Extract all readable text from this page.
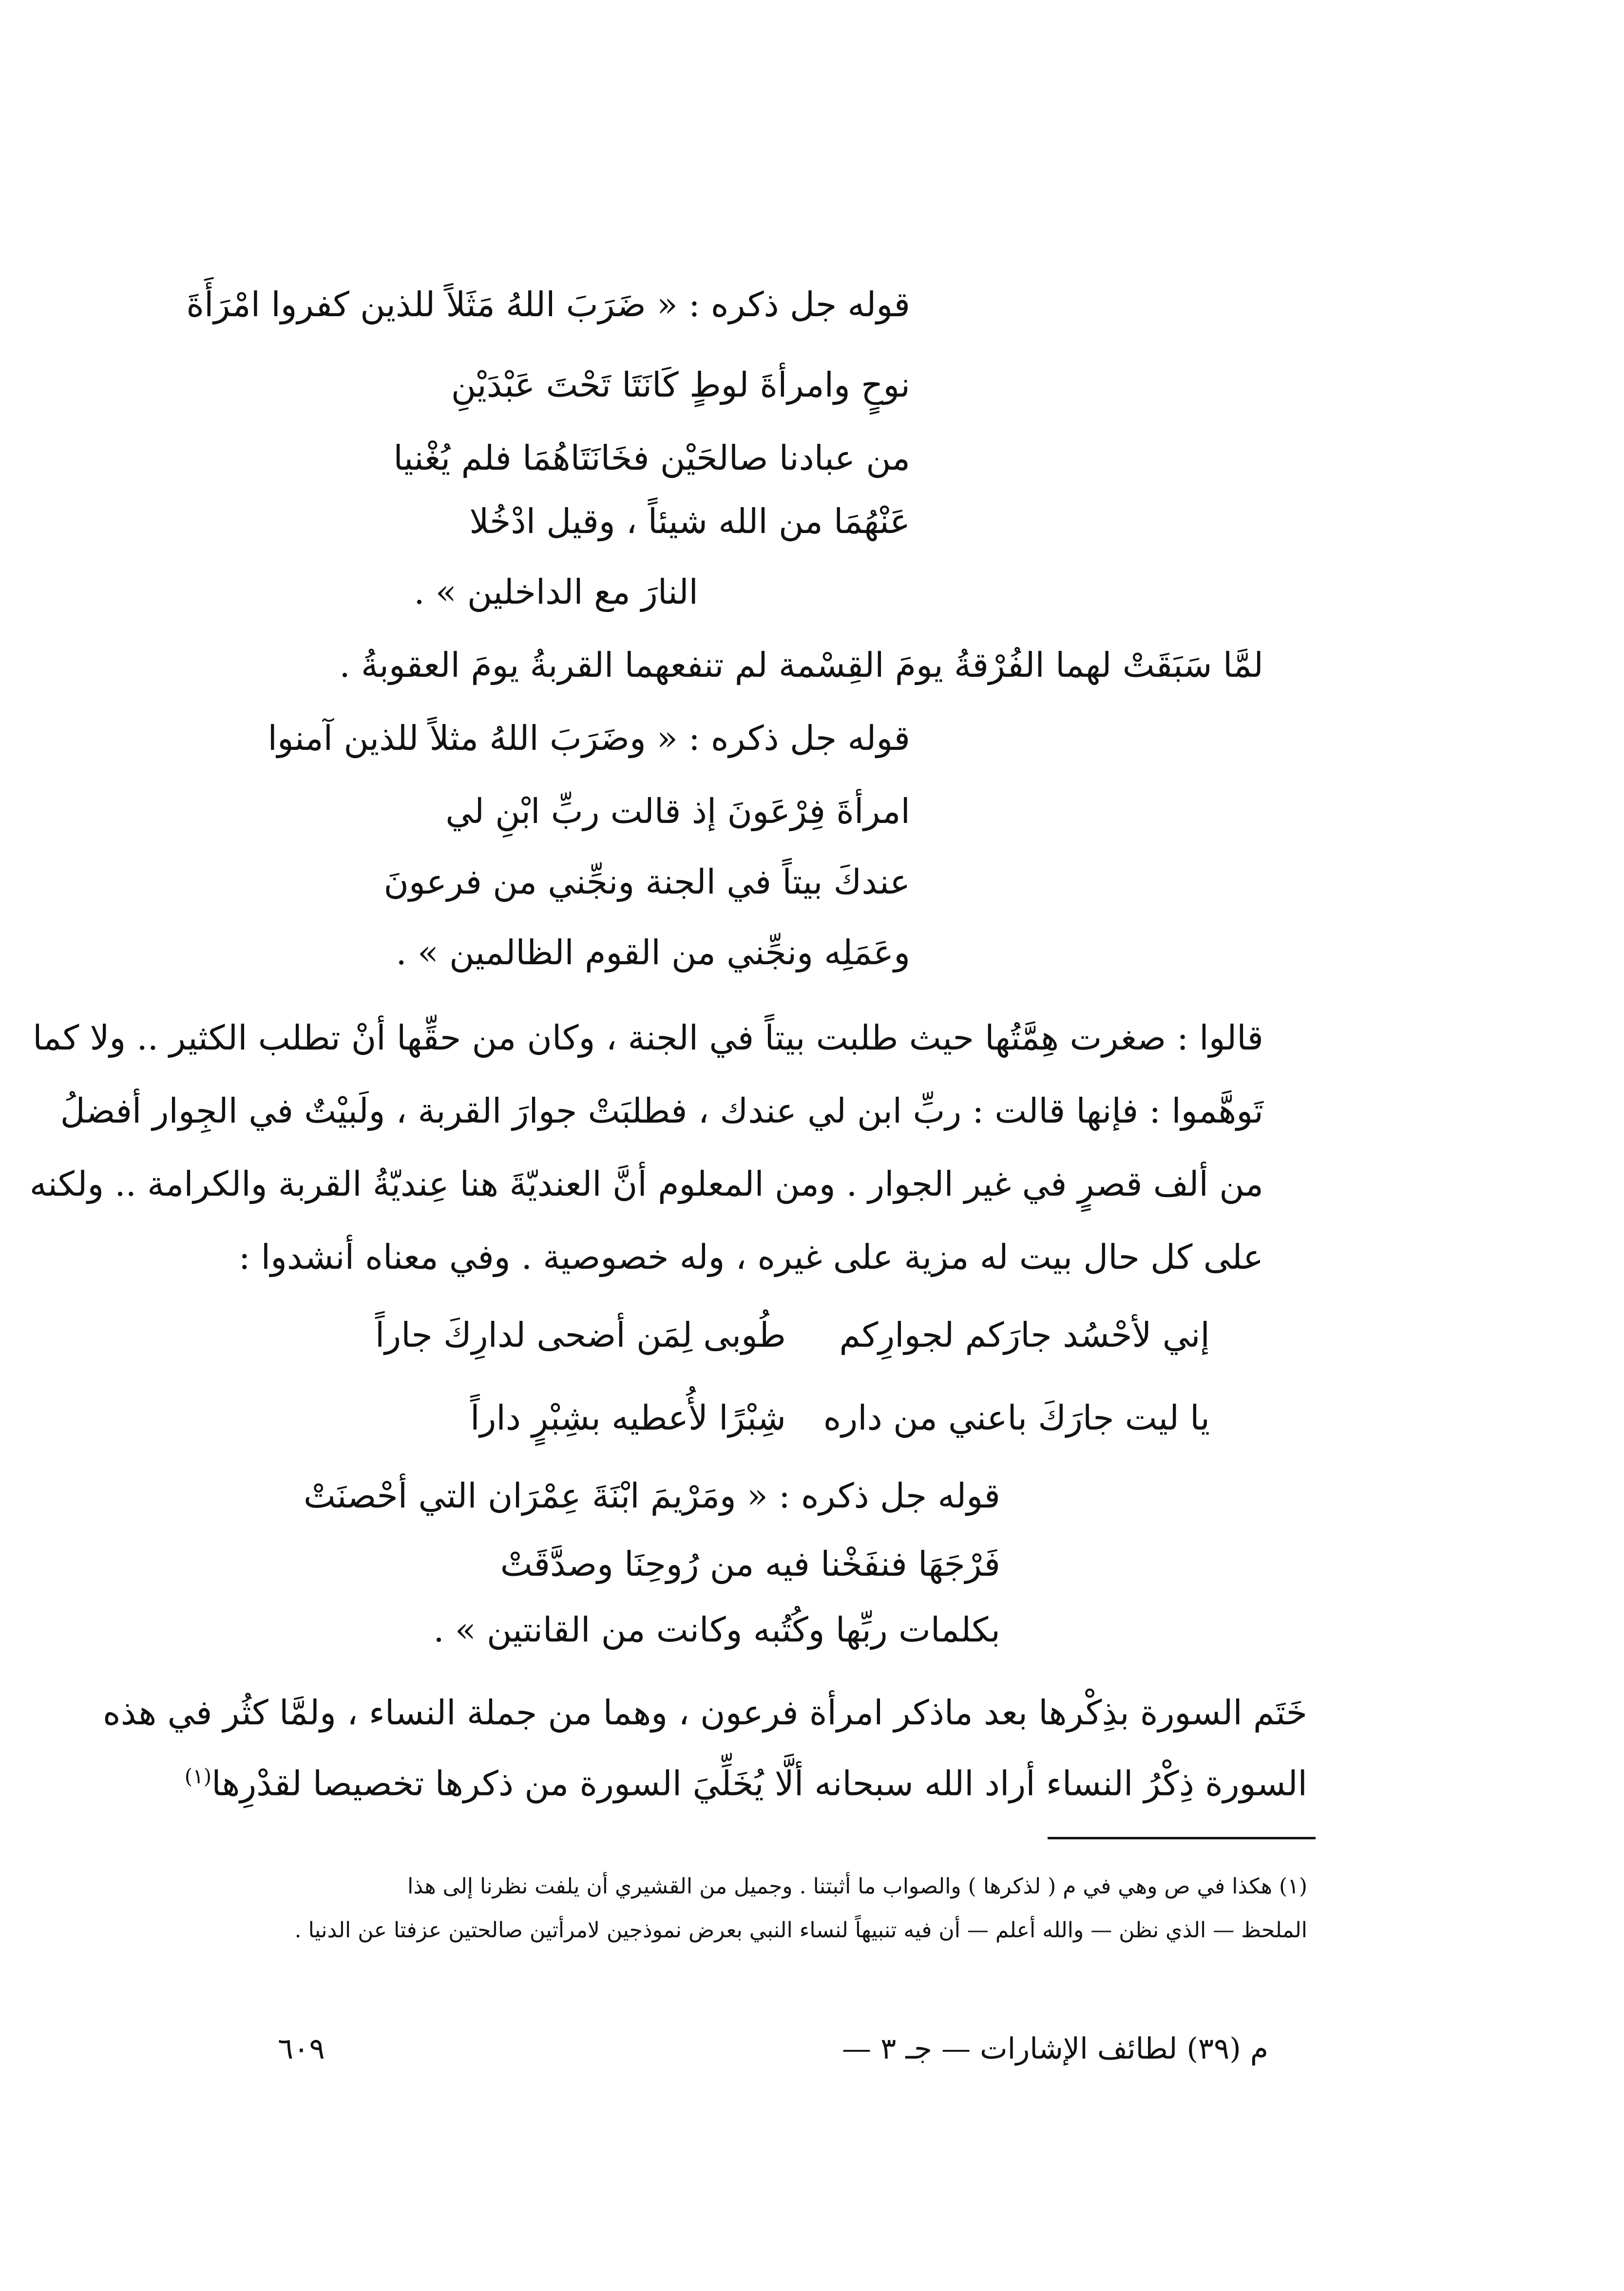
قوله جل ذكره : « ضَرَبَ اللهُ مَثَلاً للذين كفروا امْرَأَةَ
نوحٍ وامرأةَ لوطٍ كَانَتَا تَحْتَ عَبْدَيْنِ
من عبادنا صالحَيْن فخَانَتَاهُمَا فلم يُغْنيا
عَنْهُمَا من الله شيئاً ، وقيل ادْخُلا
النارَ مع الداخلين » .
لمَّا سَبَقَتْ لهما الفُرْقةُ يومَ القِسْمة لم تنفعهما القربةُ يومَ العقوبةُ .
قوله جل ذكره : « وضَرَبَ اللهُ مثلاً للذين آمنوا
امرأةَ فِرْعَونَ إذ قالت ربِّ ابْنِ لي
عندكَ بيتاً في الجنة ونجِّني من فرعونَ
وعَمَلِه ونجِّني من القوم الظالمين » .
قالوا : صغرت هِمَّتُها حيث طلبت بيتاً في الجنة ، وكان من حقِّها أنْ تطلب الكثير .. ولا كما
تَوهَّموا : فإنها قالت : ربِّ ابن لي عندك ، فطلبَتْ جوارَ القربة ، ولَبيْتٌ في الجِوار أفضلُ
من ألف قصرٍ في غير الجوار . ومن المعلوم أنَّ العنديّةَ هنا عِنديّةُ القربة والكرامة .. ولكنه
على كل حال بيت له مزية على غيره ، وله خصوصية . وفي معناه أنشدوا :
إني لأحْسُد جارَكم لجوارِكم
طُوبى لِمَن أضحى لدارِكَ جاراً
يا ليت جارَكَ باعني من داره
شِبْرًا لأُعطيه بشِبْرٍ داراً
قوله جل ذكره : « ومَرْيمَ ابْنَةَ عِمْرَان التي أحْصنَتْ
فَرْجَهَا فنفَخْنا فيه من رُوحِنَا وصدَّقَتْ
بكلمات ربِّها وكُتُبه وكانت من القانتين » .
خَتَم السورة بذِكْرها بعد ماذكر امرأة فرعون ، وهما من جملة النساء ، ولمَّا كثُر في هذه
السورة ذِكْرُ النساء أراد الله سبحانه ألَّا يُخَلِّيَ السورة من ذكرها تخصيصا لقدْرِها$^{(١)}$
(١) هكذا في ص وهي في م ( لذكرها ) والصواب ما أثبتنا . وجميل من القشيري أن يلفت نظرنا إلى هذا
الملحظ — الذي نظن — والله أعلم — أن فيه تنبيهاً لنساء النبي بعرض نموذجين لامرأتين صالحتين عزفتا عن الدنيا .
م (٣٩) لطائف الإشارات — جـ ٣ —
٦٠٩
